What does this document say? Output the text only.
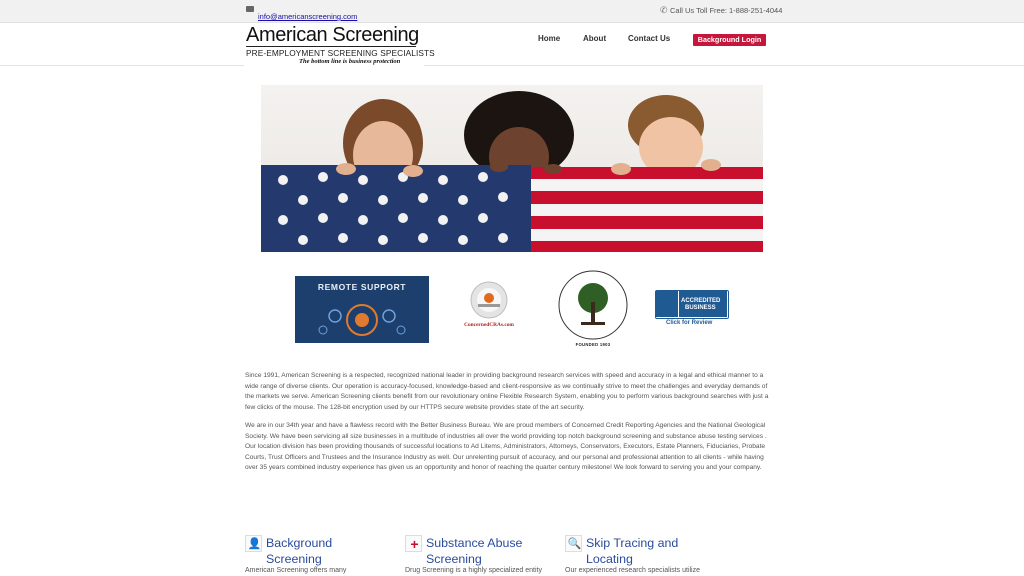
info@americanscreening.com
✆ Call Us Toll Free: 1-888-251-4044
American Screening
PRE-EMPLOYMENT SCREENING SPECIALISTS
The bottom line is business protection
Home	About	Contact Us	Background Login
REMOTE SUPPORT
ConcernedCRAs.com
FOUNDED 1903
ACCREDITED
BUSINESS
Click for Review

Since 1991, American Screening is a respected, recognized national leader in providing background research services with speed and accuracy in a legal and ethical manner to a wide range of diverse clients. Our operation is accuracy-focused, knowledge-based and client-responsive as we continually strive to meet the challenges and everyday demands of the markets we serve. American Screening clients benefit from our revolutionary online Flexible Research System, enabling you to perform various background searches with just a few clicks of the mouse. The 128-bit encryption used by our HTTPS secure website provides state of the art security.

We are in our 34th year and have a flawless record with the Better Business Bureau. We are proud members of Concerned Credit Reporting Agencies and the National Geological Society. We have been servicing all size businesses in a multitude of industries all over the world providing top notch background screening and substance abuse testing services . Our location division has been providing thousands of successful locations to Ad Litems, Administrators, Attorneys, Conservators, Executors, Estate Planners, Fiduciaries, Probate Courts, Trust Officers and Trustees and the Insurance Industry as well. Our unrelenting pursuit of accuracy, and our personal and professional attention to all clients - while having over 35 years combined industry experience has given us an opportunity and honor of reaching the quarter century milestone! We look forward to serving you and your company.

👤 Background
Screening
American Screening offers many
+ Substance Abuse
Screening
Drug Screening is a highly specialized entity
🔍 Skip Tracing and
Locating
Our experienced research specialists utilize
